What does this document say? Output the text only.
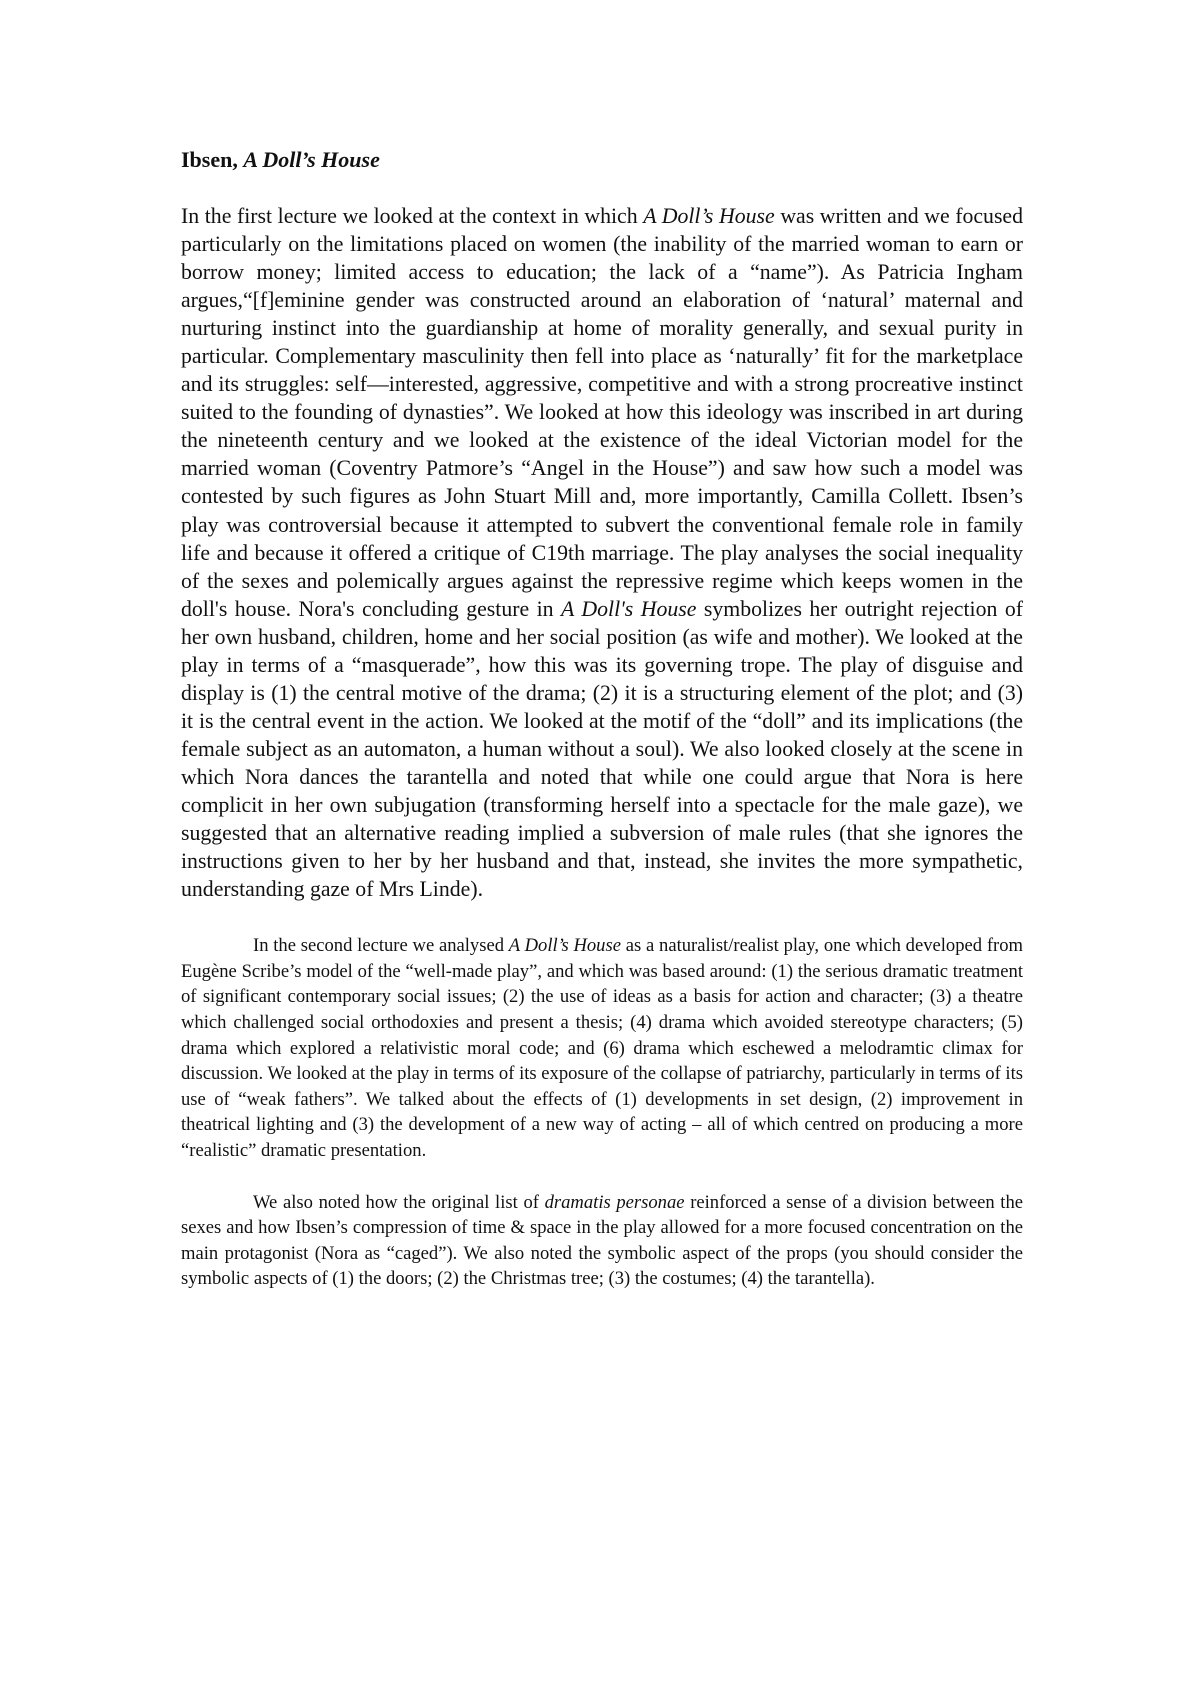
Ibsen, A Doll’s House

In the first lecture we looked at the context in which A Doll’s House was written and we focused particularly on the limitations placed on women (the inability of the married woman to earn or borrow money; limited access to education; the lack of a “name”). As Patricia Ingham argues,“[f]eminine gender was constructed around an elaboration of ‘natural’ maternal and nurturing instinct into the guardianship at home of morality generally, and sexual purity in particular. Complementary masculinity then fell into place as ‘naturally’ fit for the marketplace and its struggles: self—interested, aggressive, competitive and with a strong procreative instinct suited to the founding of dynasties”. We looked at how this ideology was inscribed in art during the nineteenth century and we looked at the existence of the ideal Victorian model for the married woman (Coventry Patmore’s “Angel in the House”) and saw how such a model was contested by such figures as John Stuart Mill and, more importantly, Camilla Collett. Ibsen’s play was controversial because it attempted to subvert the conventional female role in family life and because it offered a critique of C19th marriage. The play analyses the social inequality of the sexes and polemically argues against the repressive regime which keeps women in the doll's house. Nora's concluding gesture in A Doll's House symbolizes her outright rejection of her own husband, children, home and her social position (as wife and mother). We looked at the play in terms of a “masquerade”, how this was its governing trope. The play of disguise and display is (1) the central motive of the drama; (2) it is a structuring element of the plot; and (3) it is the central event in the action. We looked at the motif of the “doll” and its implications (the female subject as an automaton, a human without a soul). We also looked closely at the scene in which Nora dances the tarantella and noted that while one could argue that Nora is here complicit in her own subjugation (transforming herself into a spectacle for the male gaze), we suggested that an alternative reading implied a subversion of male rules (that she ignores the instructions given to her by her husband and that, instead, she invites the more sympathetic, understanding gaze of Mrs Linde).

In the second lecture we analysed A Doll’s House as a naturalist/realist play, one which developed from Eugène Scribe’s model of the “well-made play”, and which was based around: (1) the serious dramatic treatment of significant contemporary social issues; (2) the use of ideas as a basis for action and character; (3) a theatre which challenged social orthodoxies and present a thesis; (4) drama which avoided stereotype characters; (5) drama which explored a relativistic moral code; and (6) drama which eschewed a melodramtic climax for discussion. We looked at the play in terms of its exposure of the collapse of patriarchy, particularly in terms of its use of “weak fathers”. We talked about the effects of (1) developments in set design, (2) improvement in theatrical lighting and (3) the development of a new way of acting – all of which centred on producing a more “realistic” dramatic presentation.

We also noted how the original list of dramatis personae reinforced a sense of a division between the sexes and how Ibsen’s compression of time & space in the play allowed for a more focused concentration on the main protagonist (Nora as “caged”). We also noted the symbolic aspect of the props (you should consider the symbolic aspects of (1) the doors; (2) the Christmas tree; (3) the costumes; (4) the tarantella).
